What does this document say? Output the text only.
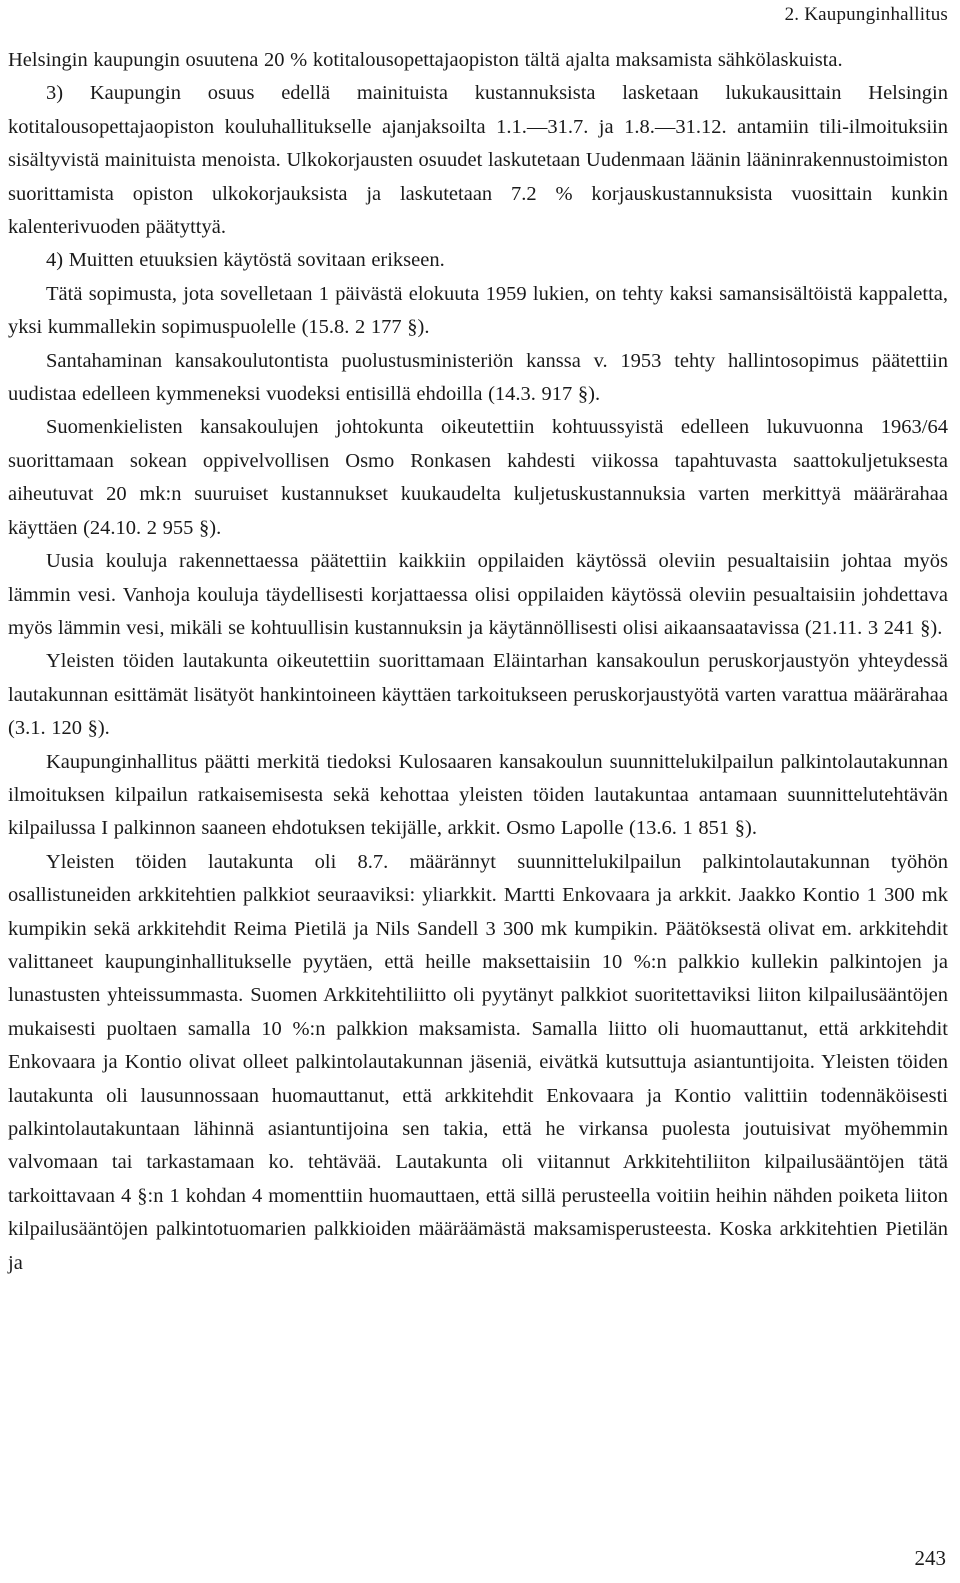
2. Kaupunginhallitus

Helsingin kaupungin osuutena 20 % kotitalousopettajaopiston tältä ajalta maksamista sähkölaskuista.

3) Kaupungin osuus edellä mainituista kustannuksista lasketaan lukukausittain Helsingin kotitalousopettajaopiston kouluhallitukselle ajanjaksoilta 1.1.—31.7. ja 1.8.—31.12. antamiin tili-ilmoituksiin sisältyvistä mainituista menoista. Ulkokorjausten osuudet laskutetaan Uudenmaan läänin lääninrakennustoimiston suorittamista opiston ulkokorjauksista ja laskutetaan 7.2 % korjauskustannuksista vuosittain kunkin kalenterivuoden päätyttyä.

4) Muitten etuuksien käytöstä sovitaan erikseen.

Tätä sopimusta, jota sovelletaan 1 päivästä elokuuta 1959 lukien, on tehty kaksi samansisältöistä kappaletta, yksi kummallekin sopimuspuolelle (15.8. 2 177 §).

Santahaminan kansakoulutontista puolustusministeriön kanssa v. 1953 tehty hallintosopimus päätettiin uudistaa edelleen kymmeneksi vuodeksi entisillä ehdoilla (14.3. 917 §).

Suomenkielisten kansakoulujen johtokunta oikeutettiin kohtuussyistä edelleen lukuvuonna 1963/64 suorittamaan sokean oppivelvollisen Osmo Ronkasen kahdesti viikossa tapahtuvasta saattokuljetuksesta aiheutuvat 20 mk:n suuruiset kustannukset kuukaudelta kuljetuskustannuksia varten merkittyä määrärahaa käyttäen (24.10. 2 955 §).

Uusia kouluja rakennettaessa päätettiin kaikkiin oppilaiden käytössä oleviin pesualtaisiin johtaa myös lämmin vesi. Vanhoja kouluja täydellisesti korjattaessa olisi oppilaiden käytössä oleviin pesualtaisiin johdettava myös lämmin vesi, mikäli se kohtuullisin kustannuksin ja käytännöllisesti olisi aikaansaatavissa (21.11. 3 241 §).

Yleisten töiden lautakunta oikeutettiin suorittamaan Eläintarhan kansakoulun peruskorjaustyön yhteydessä lautakunnan esittämät lisätyöt hankintoineen käyttäen tarkoitukseen peruskorjaustyötä varten varattua määrärahaa (3.1. 120 §).

Kaupunginhallitus päätti merkitä tiedoksi Kulosaaren kansakoulun suunnittelukilpailun palkintolautakunnan ilmoituksen kilpailun ratkaisemisesta sekä kehottaa yleisten töiden lautakuntaa antamaan suunnittelutehtävän kilpailussa I palkinnon saaneen ehdotuksen tekijälle, arkkit. Osmo Lapolle (13.6. 1 851 §).

Yleisten töiden lautakunta oli 8.7. määrännyt suunnittelukilpailun palkintolautakunnan työhön osallistuneiden arkkitehtien palkkiot seuraaviksi: yliarkkit. Martti Enkovaara ja arkkit. Jaakko Kontio 1 300 mk kumpikin sekä arkkitehdit Reima Pietilä ja Nils Sandell 3 300 mk kumpikin. Päätöksestä olivat em. arkkitehdit valittaneet kaupunginhallitukselle pyytäen, että heille maksettaisiin 10 %:n palkkio kullekin palkintojen ja lunastusten yhteissummasta. Suomen Arkkitehtiliitto oli pyytänyt palkkiot suoritettaviksi liiton kilpailusääntöjen mukaisesti puoltaen samalla 10 %:n palkkion maksamista. Samalla liitto oli huomauttanut, että arkkitehdit Enkovaara ja Kontio olivat olleet palkintolautakunnan jäseniä, eivätkä kutsuttuja asiantuntijoita. Yleisten töiden lautakunta oli lausunnossaan huomauttanut, että arkkitehdit Enkovaara ja Kontio valittiin todennäköisesti palkintolautakuntaan lähinnä asiantuntijoina sen takia, että he virkansa puolesta joutuisivat myöhemmin valvomaan tai tarkastamaan ko. tehtävää. Lautakunta oli viitannut Arkkitehtiliiton kilpailusääntöjen tätä tarkoittavaan 4 §:n 1 kohdan 4 momenttiin huomauttaen, että sillä perusteella voitiin heihin nähden poiketa liiton kilpailusääntöjen palkintotuomarien palkkioiden määräämästä maksamisperusteesta. Koska arkkitehtien Pietilän ja

243
